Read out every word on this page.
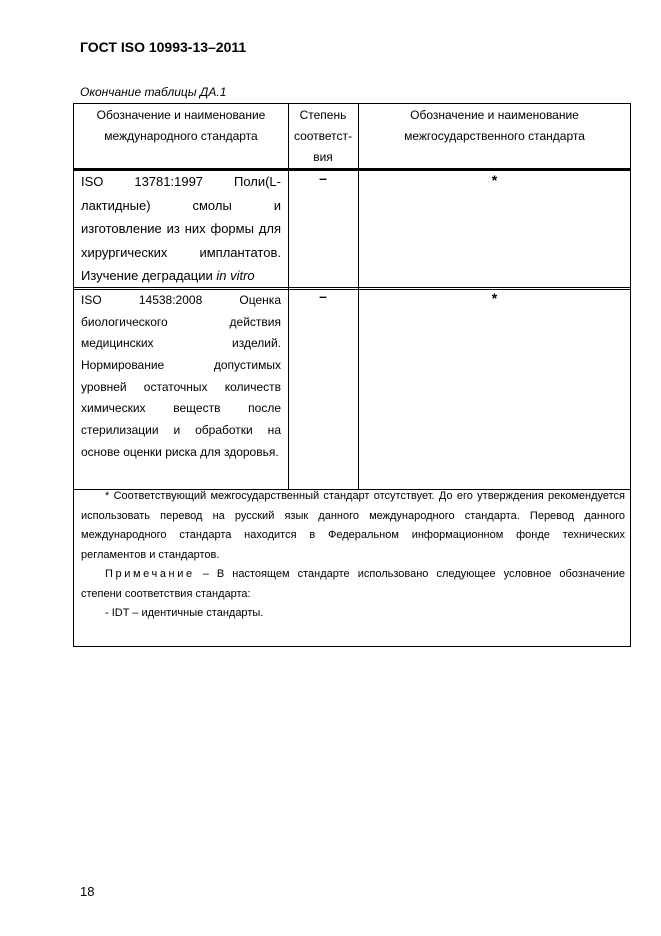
ГОСТ ISO 10993-13–2011
Окончание таблицы ДА.1
Обозначение и наименование
международного стандарта
Степень
соответст-
вия
Обозначение и наименование
межгосударственного стандарта
ISO 13781:1997 Поли(L-
лактидные) смолы и
изготовление из них формы для
хирургических имплантатов.
Изучение деградации in vitro
–	*
ISO 14538:2008 Оценка
биологического действия
медицинских изделий.
Нормирование допустимых
уровней остаточных количеств
химических веществ после
стерилизации и обработки на
основе оценки риска для здоровья.
–	*
* Соответствующий межгосударственный стандарт отсутствует. До его утверждения рекомендуется
использовать перевод на русский язык данного международного стандарта. Перевод данного
международного стандарта находится в Федеральном информационном фонде технических
регламентов и стандартов.
Примечание – В настоящем стандарте использовано следующее условное обозначение
степени соответствия стандарта:
- IDT – идентичные стандарты.
18
